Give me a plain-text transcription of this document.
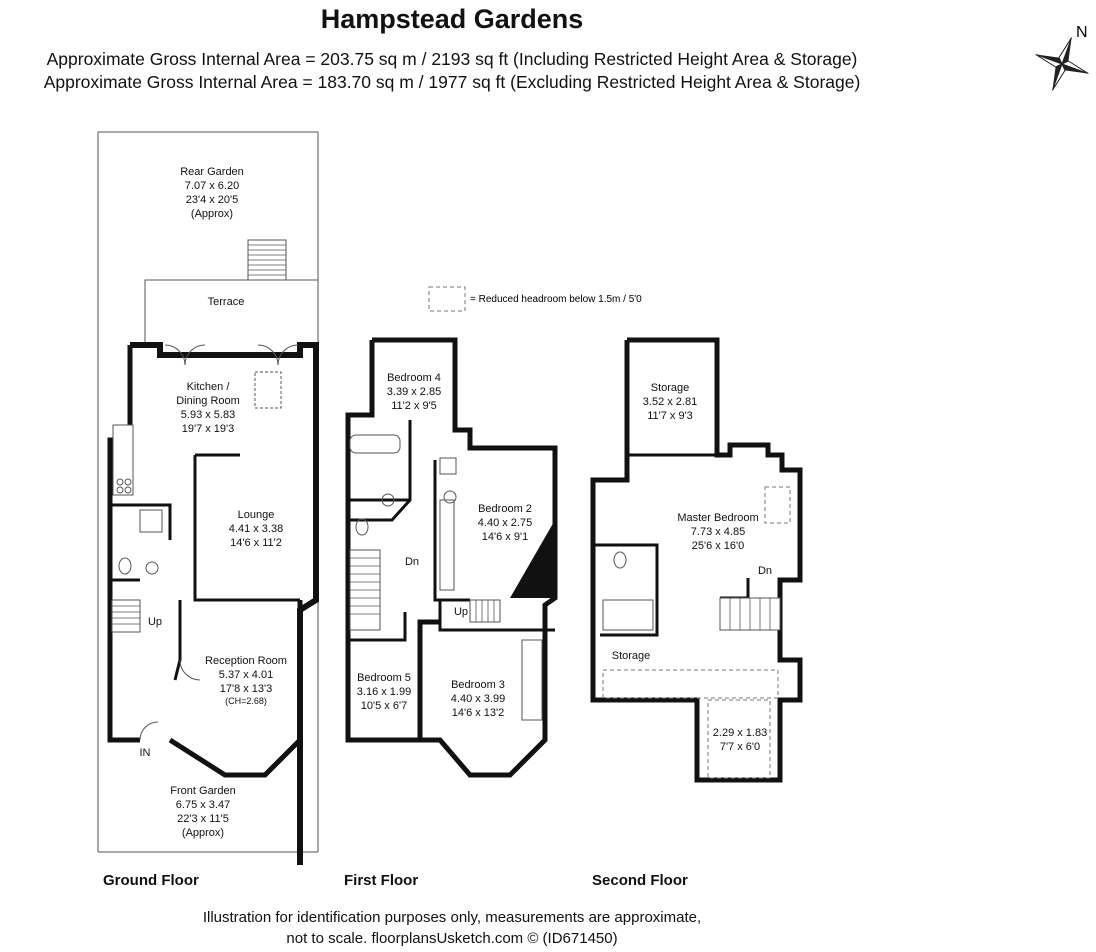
Hampstead Gardens
Approximate Gross Internal Area = 203.75 sq m / 2193 sq ft (Including Restricted Height Area & Storage)
Approximate Gross Internal Area = 183.70 sq m / 1977 sq ft (Excluding Restricted Height Area & Storage)
N
= Reduced headroom below 1.5m / 5'0
Rear Garden
7.07 x 6.20
23'4 x 20'5
(Approx)
Terrace
Kitchen /
Dining Room
5.93 x 5.83
19'7 x 19'3
Lounge
4.41 x 3.38
14'6 x 11'2
Reception Room
5.37 x 4.01
17'8 x 13'3
(CH=2.68)
Front Garden
6.75 x 3.47
22'3 x 11'5
(Approx)
Bedroom 4
3.39 x 2.85
11'2 x 9'5
Bedroom 2
4.40 x 2.75
14'6 x 9'1
Bedroom 5
3.16 x 1.99
10'5 x 6'7
Bedroom 3
4.40 x 3.99
14'6 x 13'2
Storage
3.52 x 2.81
11'7 x 9'3
Master Bedroom
7.73 x 4.85
25'6 x 16'0
Storage
2.29 x 1.83
7'7 x 6'0
Up
Dn
Up
Dn
IN
Ground Floor	First Floor	Second Floor
Illustration for identification purposes only, measurements are approximate,
not to scale. floorplansUsketch.com © (ID671450)
